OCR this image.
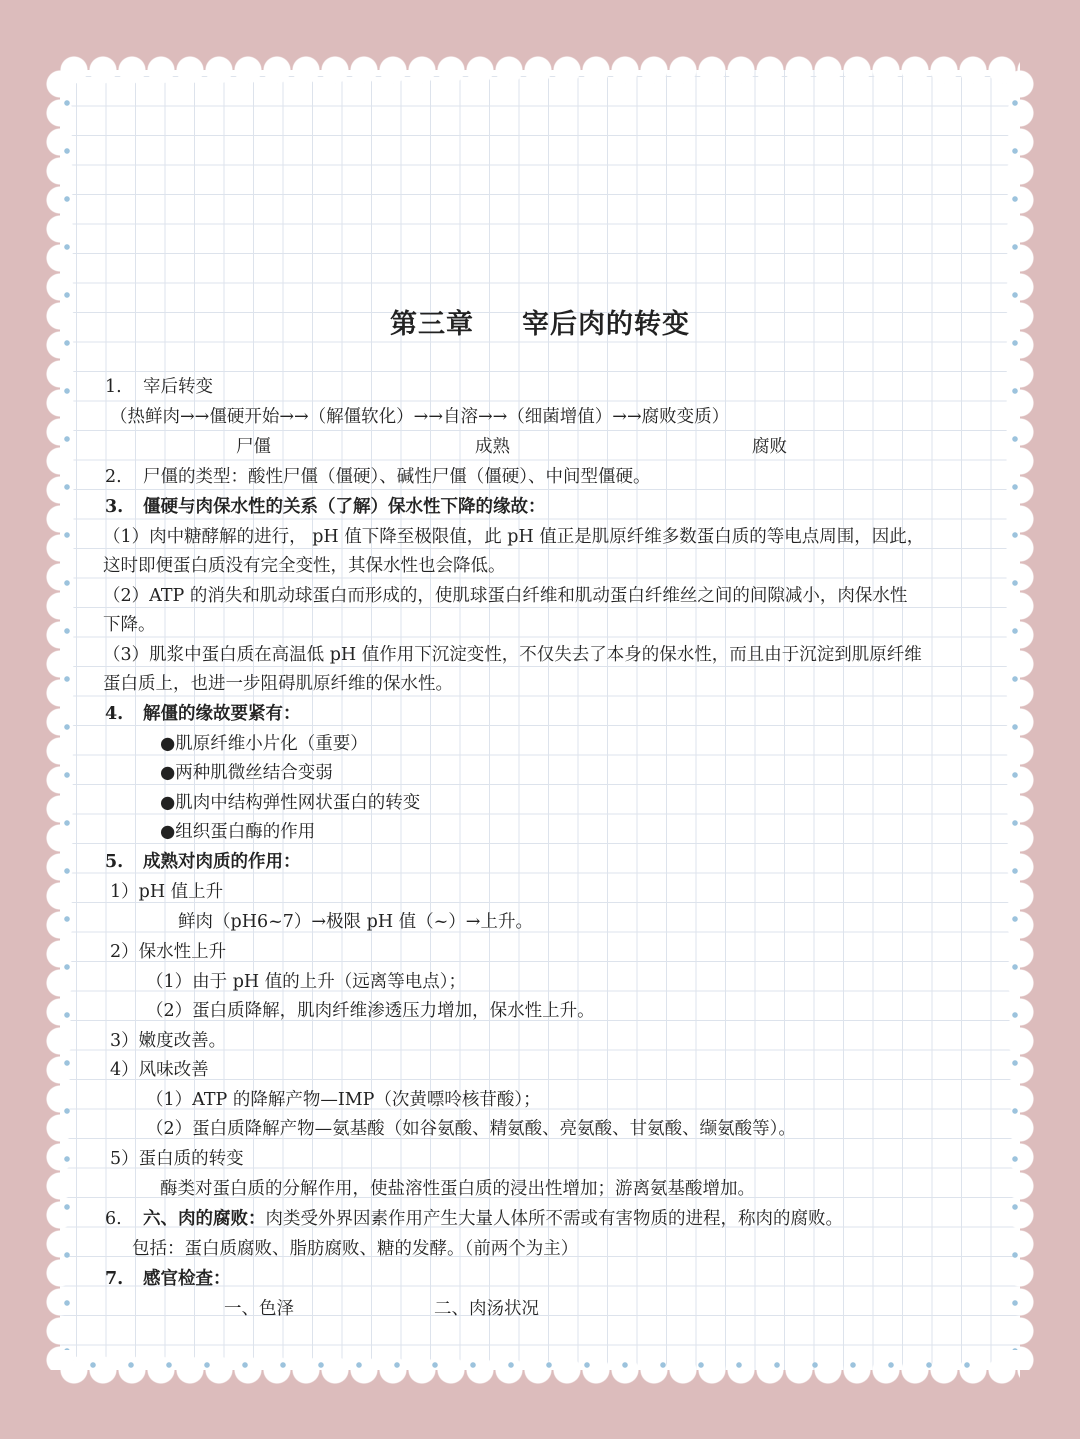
第三章 宰后肉的转变
1. 宰后转变
（热鲜肉→→僵硬开始→→（解僵软化）→→自溶→→（细菌增值）→→腐败变质）
尸僵	成熟	腐败
2. 尸僵的类型：酸性尸僵（僵硬）、碱性尸僵（僵硬）、中间型僵硬。
3. 僵硬与肉保水性的关系（了解）保水性下降的缘故：
（1）肉中糖酵解的进行， pH 值下降至极限值，此 pH 值正是肌原纤维多数蛋白质的等电点周围，因此，
这时即便蛋白质没有完全变性，其保水性也会降低。
（2）ATP 的消失和肌动球蛋白而形成的，使肌球蛋白纤维和肌动蛋白纤维丝之间的间隙减小，肉保水性
下降。
（3）肌浆中蛋白质在高温低 pH 值作用下沉淀变性，不仅失去了本身的保水性，而且由于沉淀到肌原纤维
蛋白质上，也进一步阻碍肌原纤维的保水性。
4. 解僵的缘故要紧有：
●肌原纤维小片化（重要）
●两种肌微丝结合变弱
●肌肉中结构弹性网状蛋白的转变
●组织蛋白酶的作用
5. 成熟对肉质的作用：
1）pH 值上升
鲜肉（pH6~7）→极限 pH 值（~）→上升。
2）保水性上升
（1）由于 pH 值的上升（远离等电点）；
（2）蛋白质降解，肌肉纤维渗透压力增加，保水性上升。
3）嫩度改善。
4）风味改善
（1）ATP 的降解产物—IMP（次黄嘌呤核苷酸）；
（2）蛋白质降解产物—氨基酸（如谷氨酸、精氨酸、亮氨酸、甘氨酸、缬氨酸等）。
5）蛋白质的转变
酶类对蛋白质的分解作用，使盐溶性蛋白质的浸出性增加；游离氨基酸增加。
6. 六、肉的腐败：肉类受外界因素作用产生大量人体所不需或有害物质的进程，称肉的腐败。
包括：蛋白质腐败、脂肪腐败、糖的发酵。（前两个为主）
7. 感官检查：
一、色泽	二、肉汤状况
